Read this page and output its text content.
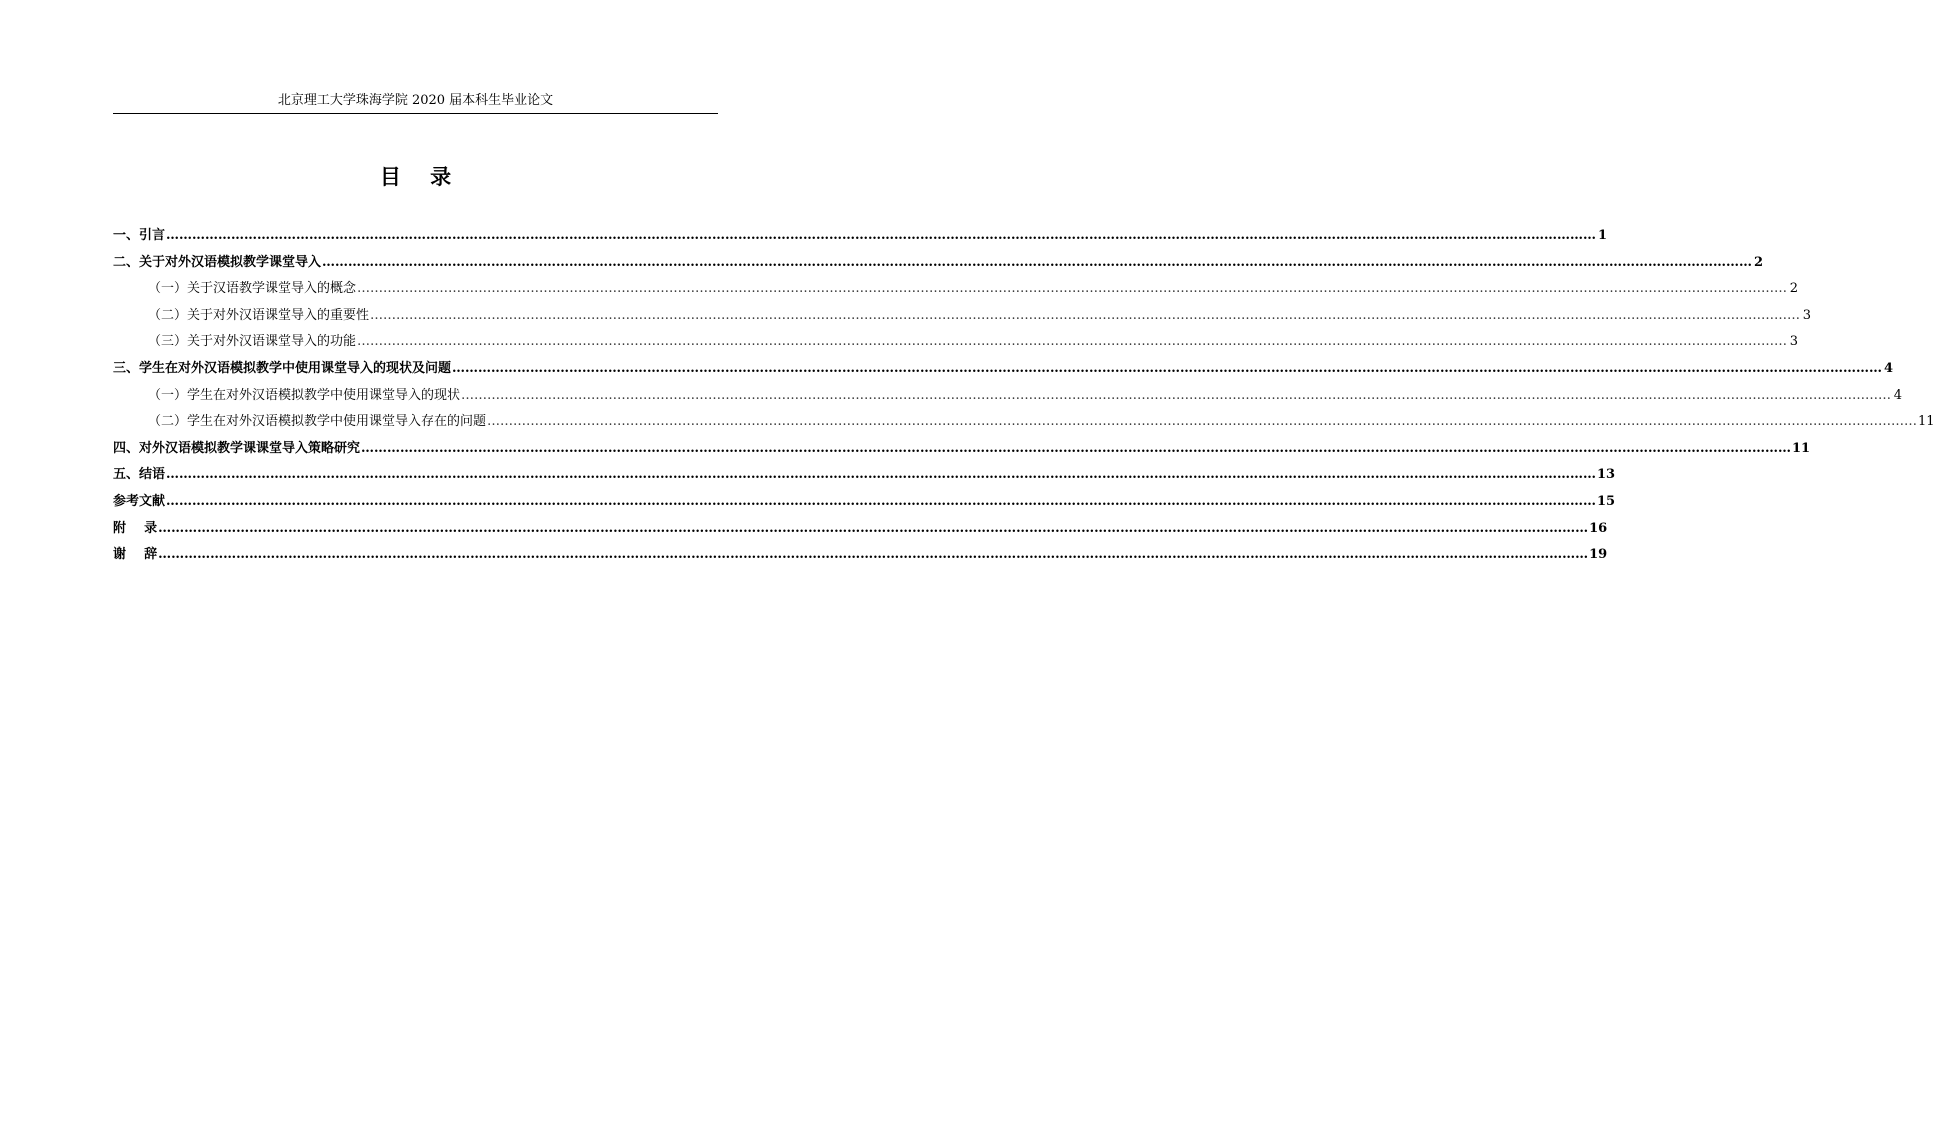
北京理工大学珠海学院 2020 届本科生毕业论文
目    录
一、引言 …………………………………………………………………………………………………………………………………………………………………………………………………………………………………………………………………………………………………… 1
二、关于对外汉语模拟教学课堂导入 …………………………………………………………………………………………………………………………………………………………………………………………………………………………………………………………………………………………………… 2
（一）关于汉语教学课堂导入的概念 …………………………………………………………………………………………………………………………………………………………………………………………………………………………………………………………………………………………………… 2
（二）关于对外汉语课堂导入的重要性 …………………………………………………………………………………………………………………………………………………………………………………………………………………………………………………………………………………………………… 3
（三）关于对外汉语课堂导入的功能 …………………………………………………………………………………………………………………………………………………………………………………………………………………………………………………………………………………………………… 3
三、学生在对外汉语模拟教学中使用课堂导入的现状及问题 …………………………………………………………………………………………………………………………………………………………………………………………………………………………………………………………………………………………………… 4
（一）学生在对外汉语模拟教学中使用课堂导入的现状 …………………………………………………………………………………………………………………………………………………………………………………………………………………………………………………………………………………………………… 4
（二）学生在对外汉语模拟教学中使用课堂导入存在的问题 …………………………………………………………………………………………………………………………………………………………………………………………………………………………………………………………………………………………………… 11
四、对外汉语模拟教学课课堂导入策略研究 …………………………………………………………………………………………………………………………………………………………………………………………………………………………………………………………………………………………………… 11
五、结语 …………………………………………………………………………………………………………………………………………………………………………………………………………………………………………………………………………………………………… 13
参考文献 …………………………………………………………………………………………………………………………………………………………………………………………………………………………………………………………………………………………………… 15
附    录 …………………………………………………………………………………………………………………………………………………………………………………………………………………………………………………………………………………………………… 16
谢    辞 …………………………………………………………………………………………………………………………………………………………………………………………………………………………………………………………………………………………………… 19
